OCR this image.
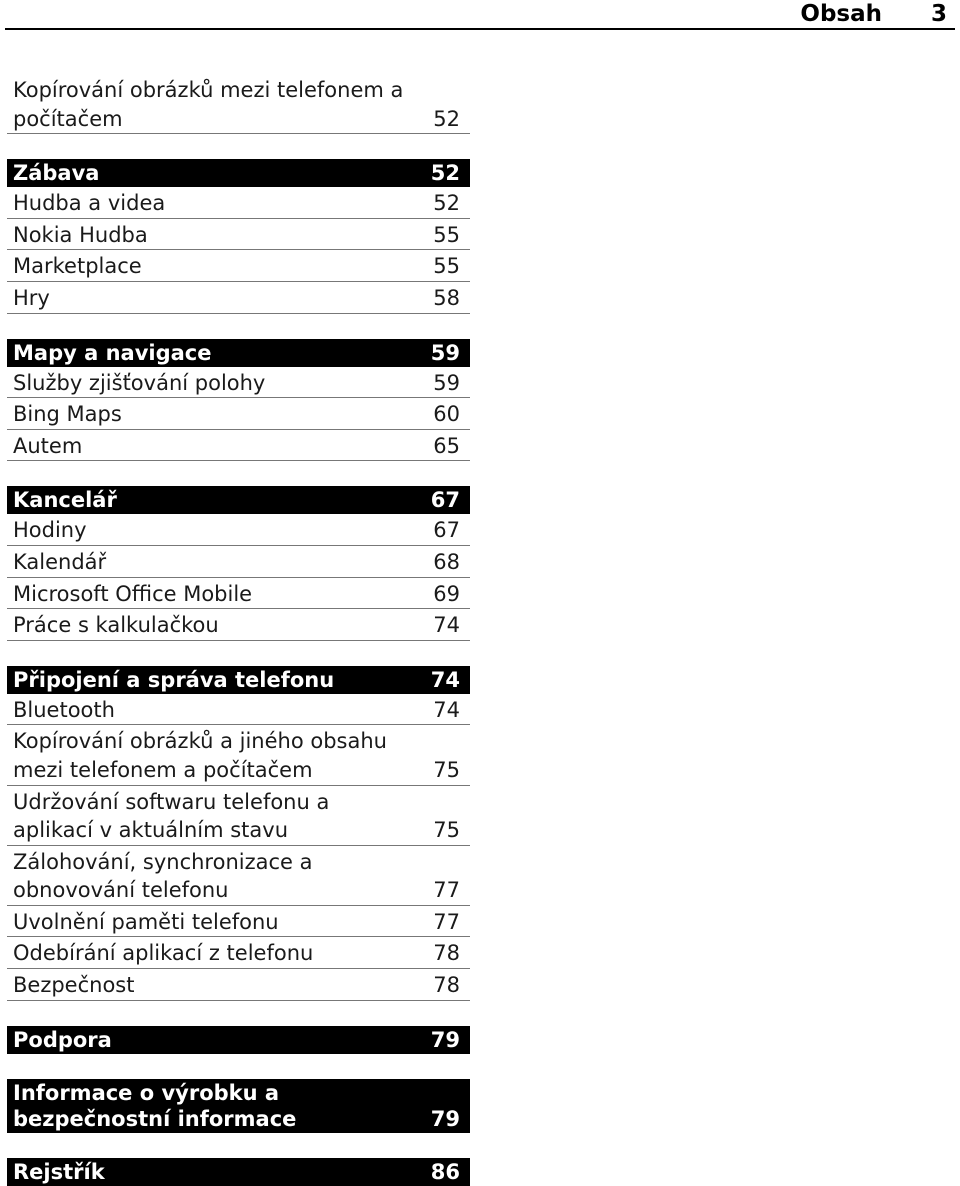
Obsah 3
Kopírování obrázků mezi telefonem a počítačem	52
Zábava	52
Hudba a videa	52
Nokia Hudba	55
Marketplace	55
Hry	58
Mapy a navigace	59
Služby zjišťování polohy	59
Bing Maps	60
Autem	65
Kancelář	67
Hodiny	67
Kalendář	68
Microsoft Office Mobile	69
Práce s kalkulačkou	74
Připojení a správa telefonu	74
Bluetooth	74
Kopírování obrázků a jiného obsahu mezi telefonem a počítačem	75
Udržování softwaru telefonu a aplikací v aktuálním stavu	75
Zálohování, synchronizace a obnovování telefonu	77
Uvolnění paměti telefonu	77
Odebírání aplikací z telefonu	78
Bezpečnost	78
Podpora	79
Informace o výrobku a bezpečnostní informace	79
Rejstřík	86
